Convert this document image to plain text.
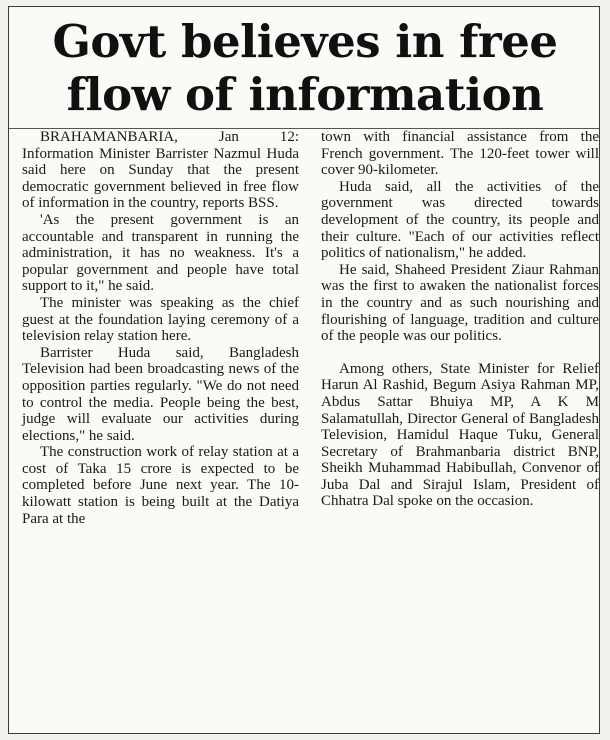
Govt believes in free
flow of information

BRAHAMANBARIA, Jan 12: Information Minister Barrister Nazmul Huda said here on Sunday that the present democratic government believed in free flow of information in the country, reports BSS.

'As the present government is an accountable and transparent in running the administration, it has no weakness. It's a popular government and people have total support to it," he said.

The minister was speaking as the chief guest at the foundation laying ceremony of a television relay station here.

Barrister Huda said, Bangladesh Television had been broadcasting news of the opposition parties regularly. "We do not need to control the media. People being the best, judge will evaluate our activities during elections," he said.

The construction work of relay station at a cost of Taka 15 crore is expected to be completed before June next year. The 10-kilowatt station is being built at the Datiya Para at the

town with financial assistance from the French government. The 120-feet tower will cover 90-kilometer.

Huda said, all the activities of the government was directed towards development of the country, its people and their culture. "Each of our activities reflect politics of nationalism," he added.

He said, Shaheed President Ziaur Rahman was the first to awaken the nationalist forces in the country and as such nourishing and flourishing of language, tradition and culture of the people was our politics.

Among others, State Minister for Relief Harun Al Rashid, Begum Asiya Rahman MP, Abdus Sattar Bhuiya MP, A K M Salamatullah, Director General of Bangladesh Television, Hamidul Haque Tuku, General Secretary of Brahmanbaria district BNP, Sheikh Muhammad Habibullah, Convenor of Juba Dal and Sirajul Islam, President of Chhatra Dal spoke on the occasion.
